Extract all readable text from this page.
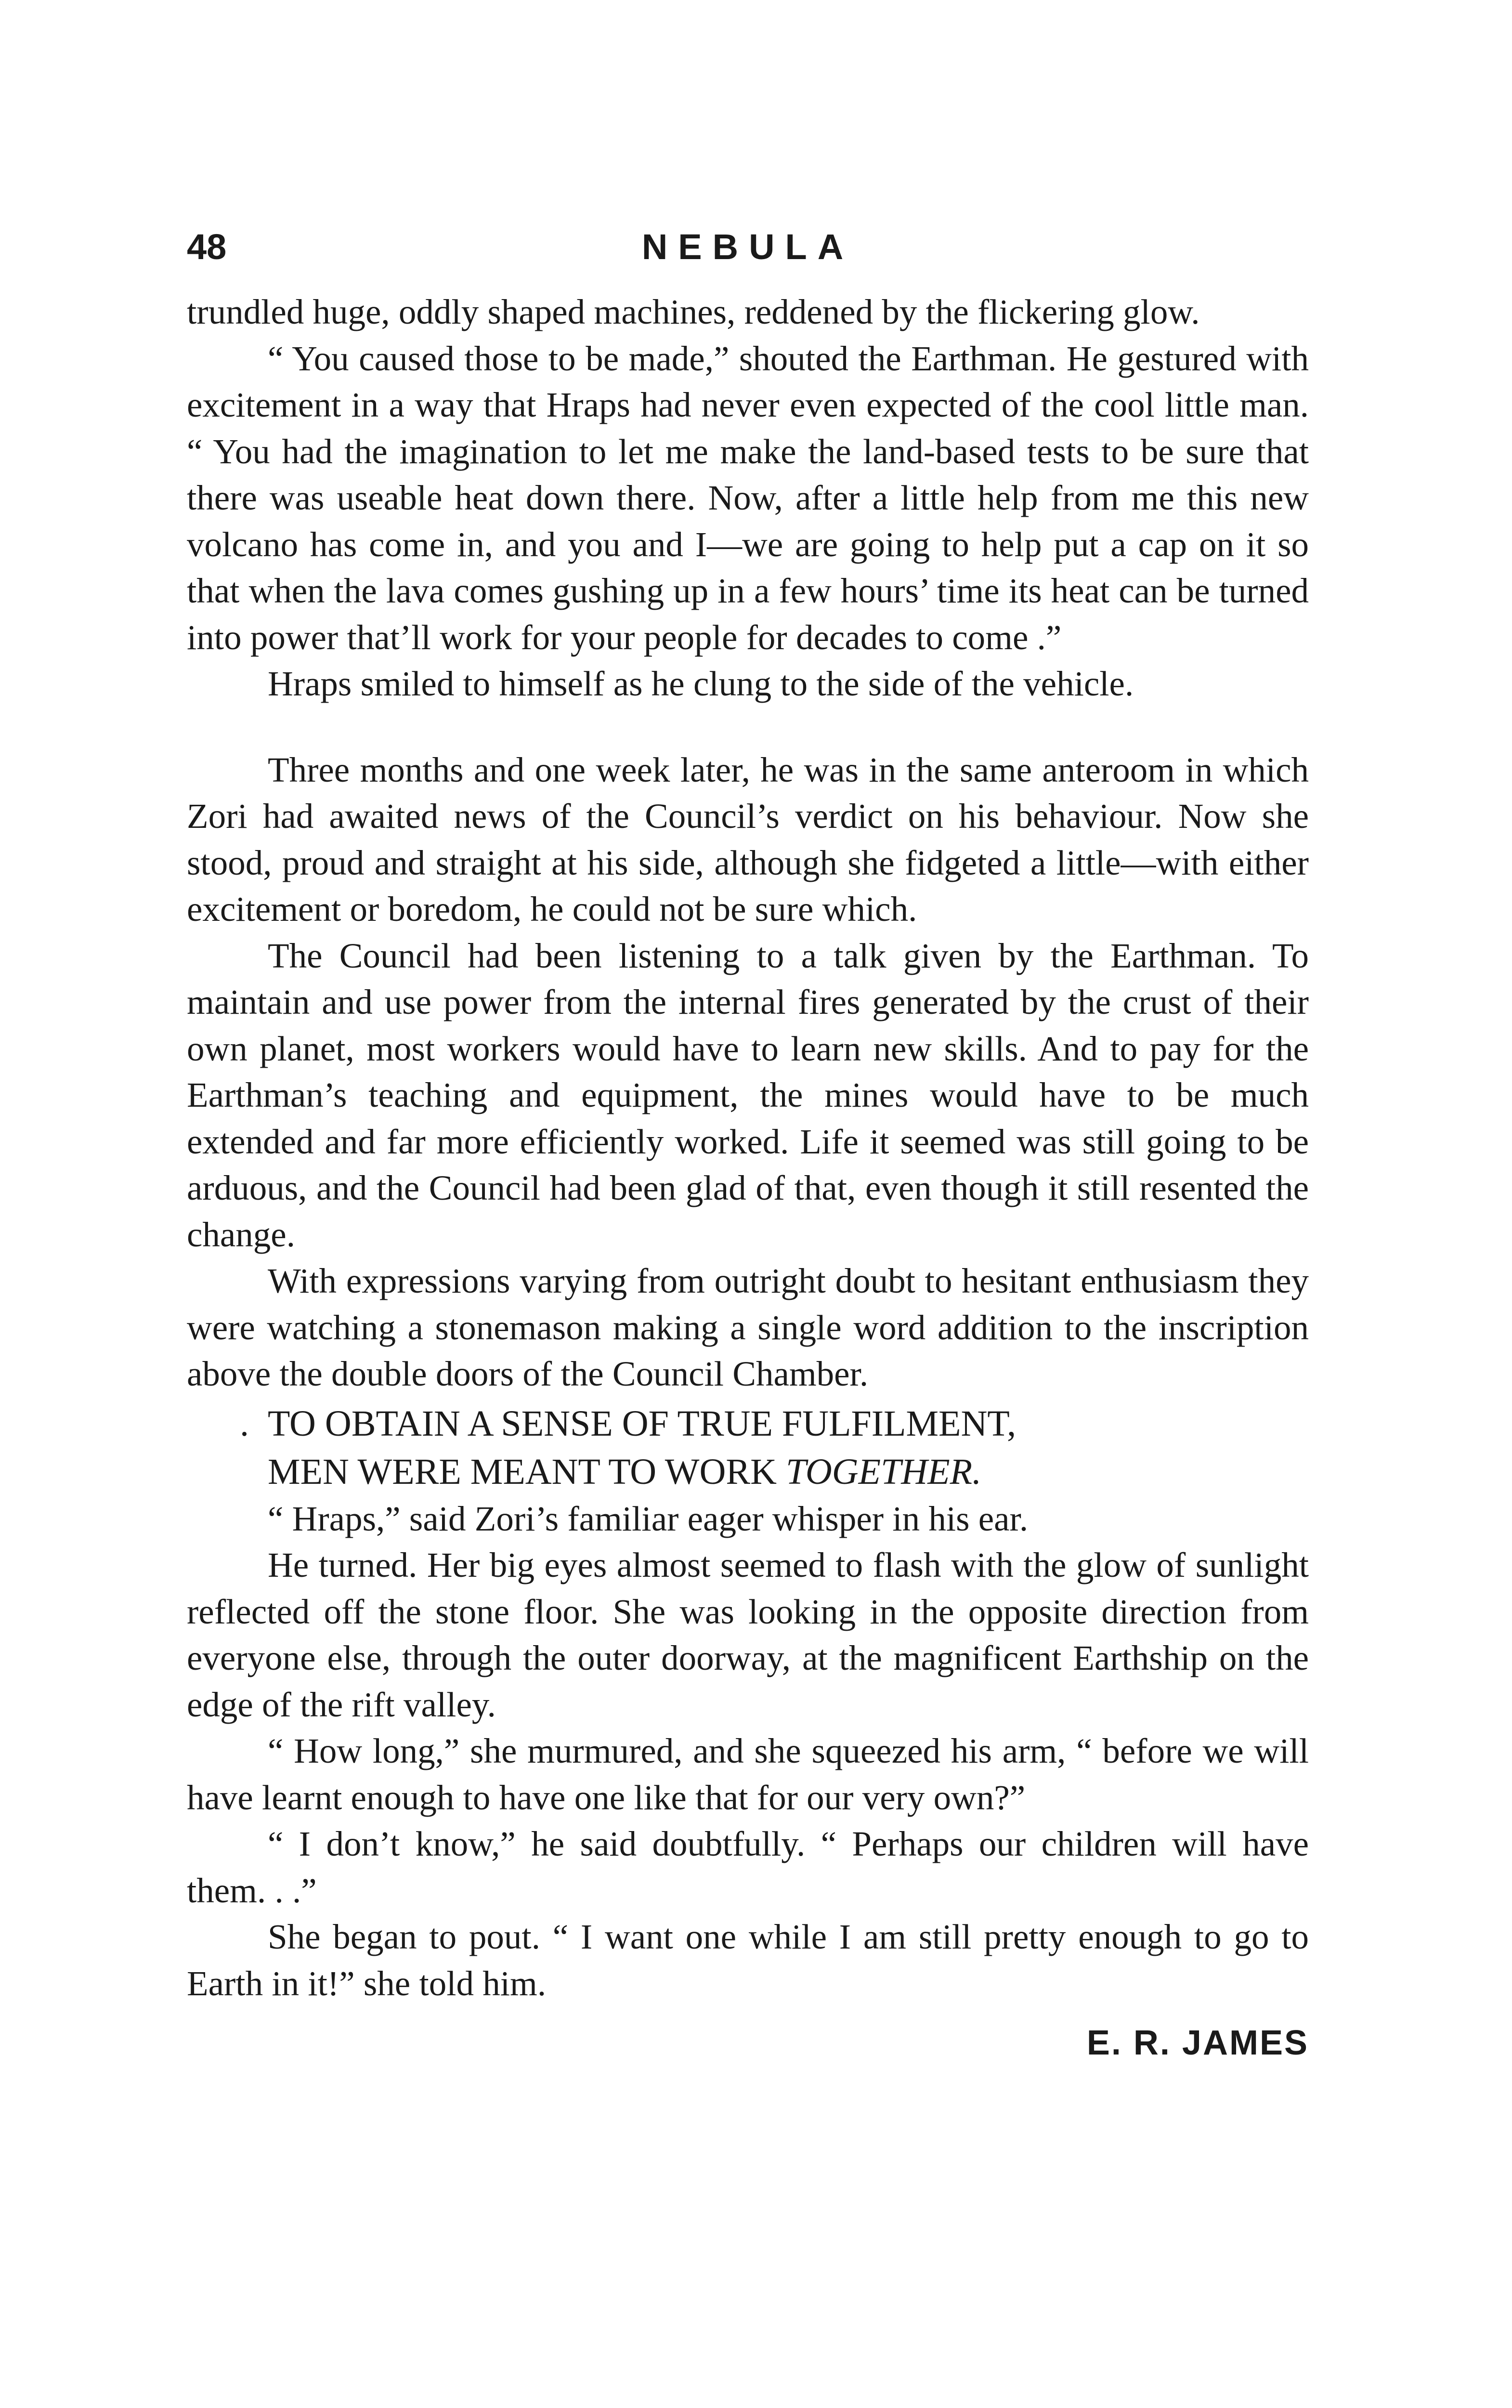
48	NEBULA

trundled huge, oddly shaped machines, reddened by the flickering glow.

“ You caused those to be made,” shouted the Earthman. He gestured with excitement in a way that Hraps had never even expected of the cool little man. “ You had the imagination to let me make the land-based tests to be sure that there was useable heat down there. Now, after a little help from me this new volcano has come in, and you and I—we are going to help put a cap on it so that when the lava comes gushing up in a few hours’ time its heat can be turned into power that’ll work for your people for decades to come .”

Hraps smiled to himself as he clung to the side of the vehicle.

Three months and one week later, he was in the same anteroom in which Zori had awaited news of the Council’s verdict on his behaviour. Now she stood, proud and straight at his side, although she fidgeted a little—with either excitement or boredom, he could not be sure which.

The Council had been listening to a talk given by the Earthman. To maintain and use power from the internal fires generated by the crust of their own planet, most workers would have to learn new skills. And to pay for the Earthman’s teaching and equipment, the mines would have to be much extended and far more efficiently worked. Life it seemed was still going to be arduous, and the Council had been glad of that, even though it still resented the change.

With expressions varying from outright doubt to hesitant enthusiasm they were watching a stonemason making a single word addition to the inscription above the double doors of the Council Chamber.

. TO OBTAIN A SENSE OF TRUE FULFILMENT,
MEN WERE MEANT TO WORK TOGETHER.

“ Hraps,” said Zori’s familiar eager whisper in his ear.

He turned. Her big eyes almost seemed to flash with the glow of sunlight reflected off the stone floor. She was looking in the opposite direction from everyone else, through the outer doorway, at the magnificent Earthship on the edge of the rift valley.

“ How long,” she murmured, and she squeezed his arm, “ before we will have learnt enough to have one like that for our very own?”

“ I don’t know,” he said doubtfully. “ Perhaps our children will have them. . .”

She began to pout. “ I want one while I am still pretty enough to go to Earth in it!” she told him.

E. R. JAMES
